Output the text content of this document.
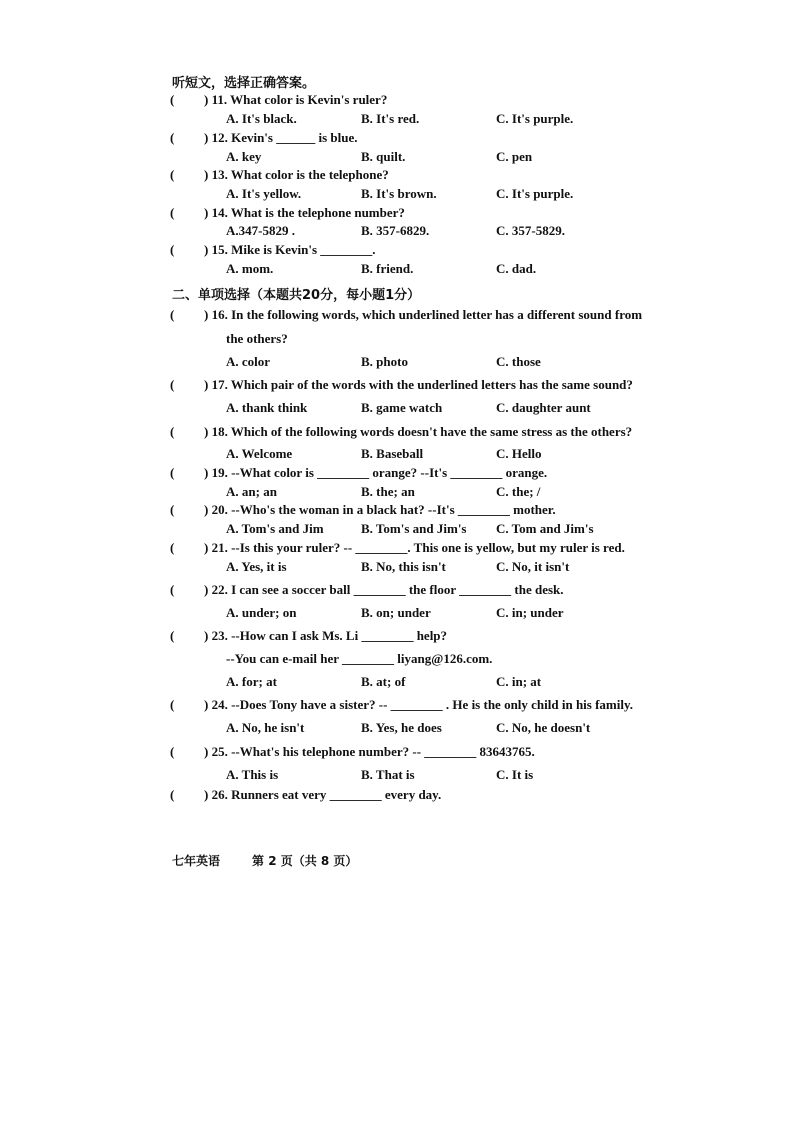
听短文，选择正确答案。
( ) 11. What color is Kevin's ruler?
A. It's black.	B. It's red.	C. It's purple.
( ) 12. Kevin's ______ is blue.
A. key	B. quilt.	C. pen
( ) 13. What color is the telephone?
A. It's yellow.	B. It's brown.	C. It's purple.
( ) 14. What is the telephone number?
A.347-5829 .	B. 357-6829.	C. 357-5829.
( ) 15. Mike is Kevin's ________.
A. mom.	B. friend.	C. dad.
二、单项选择（本题共20分，每小题1分）
( ) 16. In the following words, which underlined letter has a different sound from
the others?
A. color	B. photo	C. those
( ) 17. Which pair of the words with the underlined letters has the same sound?
A. thank think	B. game watch	C. daughter aunt
( ) 18. Which of the following words doesn't have the same stress as the others?
A. Welcome	B. Baseball	C. Hello
( ) 19. --What color is ________ orange? --It's ________ orange.
A. an; an	B. the; an	C. the; /
( ) 20. --Who's the woman in a black hat? --It's ________ mother.
A. Tom's and Jim	B. Tom's and Jim's C. Tom and Jim's
( ) 21. --Is this your ruler? -- ________. This one is yellow, but my ruler is red.
A. Yes, it is	B. No, this isn't	C. No, it isn't
( ) 22. I can see a soccer ball ________ the floor ________ the desk.
A. under; on	B. on; under	C. in; under
( ) 23. --How can I ask Ms. Li ________ help?
--You can e-mail her ________ liyang@126.com.
A. for; at	B. at; of	C. in; at
( ) 24. --Does Tony have a sister? -- ________ . He is the only child in his family.
A. No, he isn't	B. Yes, he does	C. No, he doesn't
( ) 25. --What's his telephone number? -- ________ 83643765.
A. This is	B. That is	C. It is
( ) 26. Runners eat very ________ every day.
七年英语	第 2 页（共 8 页）
